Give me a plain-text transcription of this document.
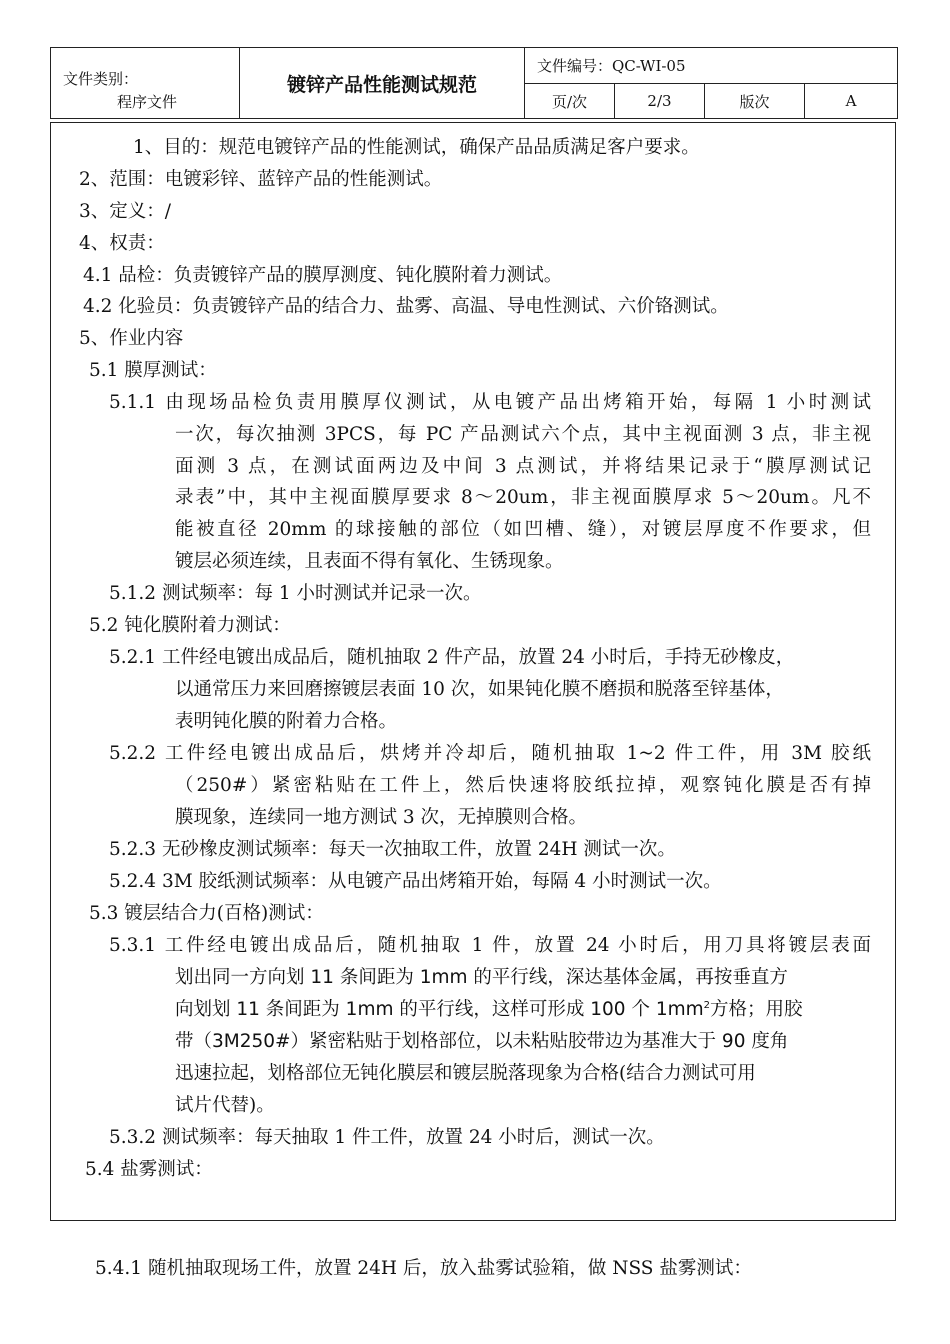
文件类别：
程序文件
镀锌产品性能测试规范
文件编号：QC-WI-05
页/次	2/3	版次	A
1、目的：规范电镀锌产品的性能测试，确保产品品质满足客户要求。
2、范围：电镀彩锌、蓝锌产品的性能测试。
3、定义：/
4、权责：
4.1 品检：负责镀锌产品的膜厚测度、钝化膜附着力测试。
4.2 化验员：负责镀锌产品的结合力、盐雾、高温、导电性测试、六价铬测试。
5、作业内容
5.1 膜厚测试：
5.1.1 由现场品检负责用膜厚仪测试，从电镀产品出烤箱开始，每隔 1 小时测试
一次，每次抽测 3PCS，每 PC 产品测试六个点，其中主视面测 3 点，非主视
面测 3 点，在测试面两边及中间 3 点测试，并将结果记录于“膜厚测试记
录表”中，其中主视面膜厚要求 8～20um，非主视面膜厚求 5～20um。凡不
能被直径 20mm 的球接触的部位（如凹槽、缝），对镀层厚度不作要求，但
镀层必须连续，且表面不得有氧化、生锈现象。
5.1.2 测试频率：每 1 小时测试并记录一次。
5.2 钝化膜附着力测试：
5.2.1 工件经电镀出成品后，随机抽取 2 件产品，放置 24 小时后，手持无砂橡皮，
以通常压力来回磨擦镀层表面 10 次，如果钝化膜不磨损和脱落至锌基体，
表明钝化膜的附着力合格。
5.2.2 工件经电镀出成品后，烘烤并冷却后，随机抽取 1~2 件工件，用 3M 胶纸
（250#）紧密粘贴在工件上，然后快速将胶纸拉掉，观察钝化膜是否有掉
膜现象，连续同一地方测试 3 次，无掉膜则合格。
5.2.3 无砂橡皮测试频率：每天一次抽取工件，放置 24H 测试一次。
5.2.4 3M 胶纸测试频率：从电镀产品出烤箱开始，每隔 4 小时测试一次。
5.3 镀层结合力(百格)测试：
5.3.1 工件经电镀出成品后，随机抽取 1 件，放置 24 小时后，用刀具将镀层表面
划出同一方向划 11 条间距为 1mm 的平行线，深达基体金属，再按垂直方
向划划 11 条间距为 1mm 的平行线，这样可形成 100 个 $1mm^2$方格；用胶
带（3M250#）紧密粘贴于划格部位，以未粘贴胶带边为基准大于 90 度角
迅速拉起，划格部位无钝化膜层和镀层脱落现象为合格(结合力测试可用
试片代替)。
5.3.2 测试频率：每天抽取 1 件工件，放置 24 小时后，测试一次。
5.4 盐雾测试：
5.4.1 随机抽取现场工件，放置 24H 后，放入盐雾试验箱，做 NSS 盐雾测试：
